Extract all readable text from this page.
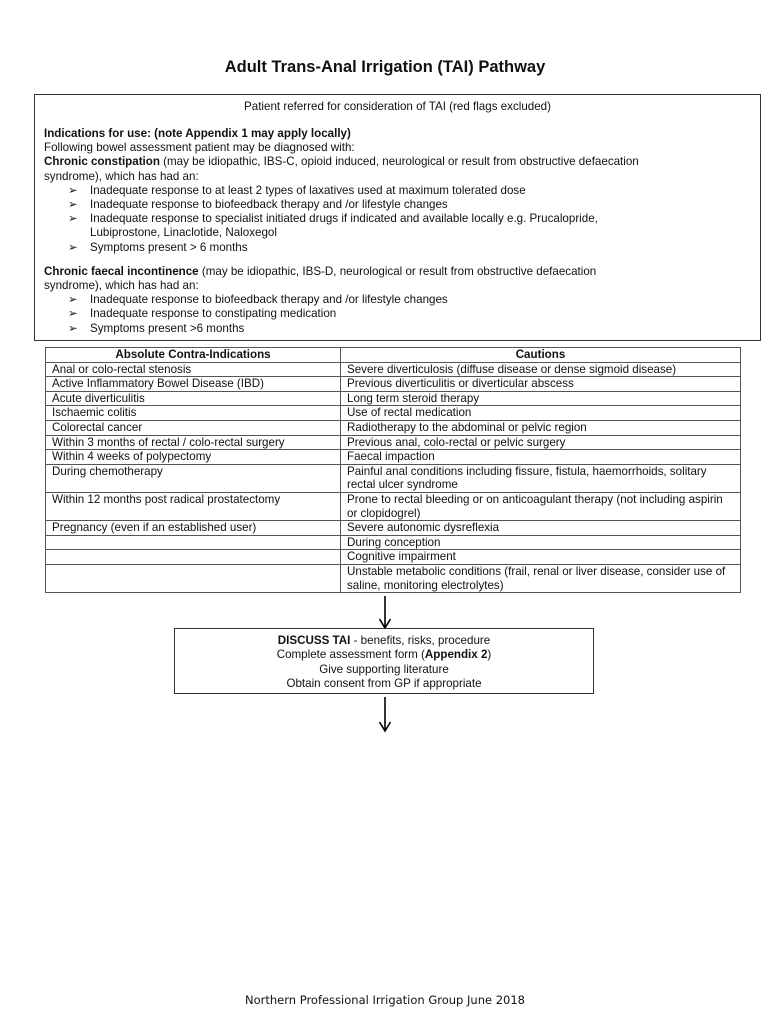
Adult Trans-Anal Irrigation (TAI) Pathway
Patient referred for consideration of TAI (red flags excluded)
Indications for use: (note Appendix 1 may apply locally)
Following bowel assessment patient may be diagnosed with:
Chronic constipation (may be idiopathic, IBS-C, opioid induced, neurological or result from obstructive defaecation
syndrome), which has had an:
➢ Inadequate response to at least 2 types of laxatives used at maximum tolerated dose
➢ Inadequate response to biofeedback therapy and /or lifestyle changes
➢ Inadequate response to specialist initiated drugs if indicated and available locally e.g. Prucalopride,
Lubiprostone, Linaclotide, Naloxegol
➢ Symptoms present > 6 months
Chronic faecal incontinence (may be idiopathic, IBS-D, neurological or result from obstructive defaecation
syndrome), which has had an:
➢ Inadequate response to biofeedback therapy and /or lifestyle changes
➢ Inadequate response to constipating medication
➢ Symptoms present >6 months
Absolute Contra-Indications	Cautions
Anal or colo-rectal stenosis	Severe diverticulosis (diffuse disease or dense sigmoid disease)
Active Inflammatory Bowel Disease (IBD)	Previous diverticulitis or diverticular abscess
Acute diverticulitis	Long term steroid therapy
Ischaemic colitis	Use of rectal medication
Colorectal cancer	Radiotherapy to the abdominal or pelvic region
Within 3 months of rectal / colo-rectal surgery	Previous anal, colo-rectal or pelvic surgery
Within 4 weeks of polypectomy	Faecal impaction
During chemotherapy	Painful anal conditions including fissure, fistula, haemorrhoids, solitary rectal ulcer syndrome
Within 12 months post radical prostatectomy	Prone to rectal bleeding or on anticoagulant therapy (not including aspirin or clopidogrel)
Pregnancy (even if an established user)	Severe autonomic dysreflexia
	During conception
	Cognitive impairment
	Unstable metabolic conditions (frail, renal or liver disease, consider use of saline, monitoring electrolytes)
DISCUSS TAI - benefits, risks, procedure
Complete assessment form (Appendix 2)
Give supporting literature
Obtain consent from GP if appropriate
Northern Professional Irrigation Group June 2018
